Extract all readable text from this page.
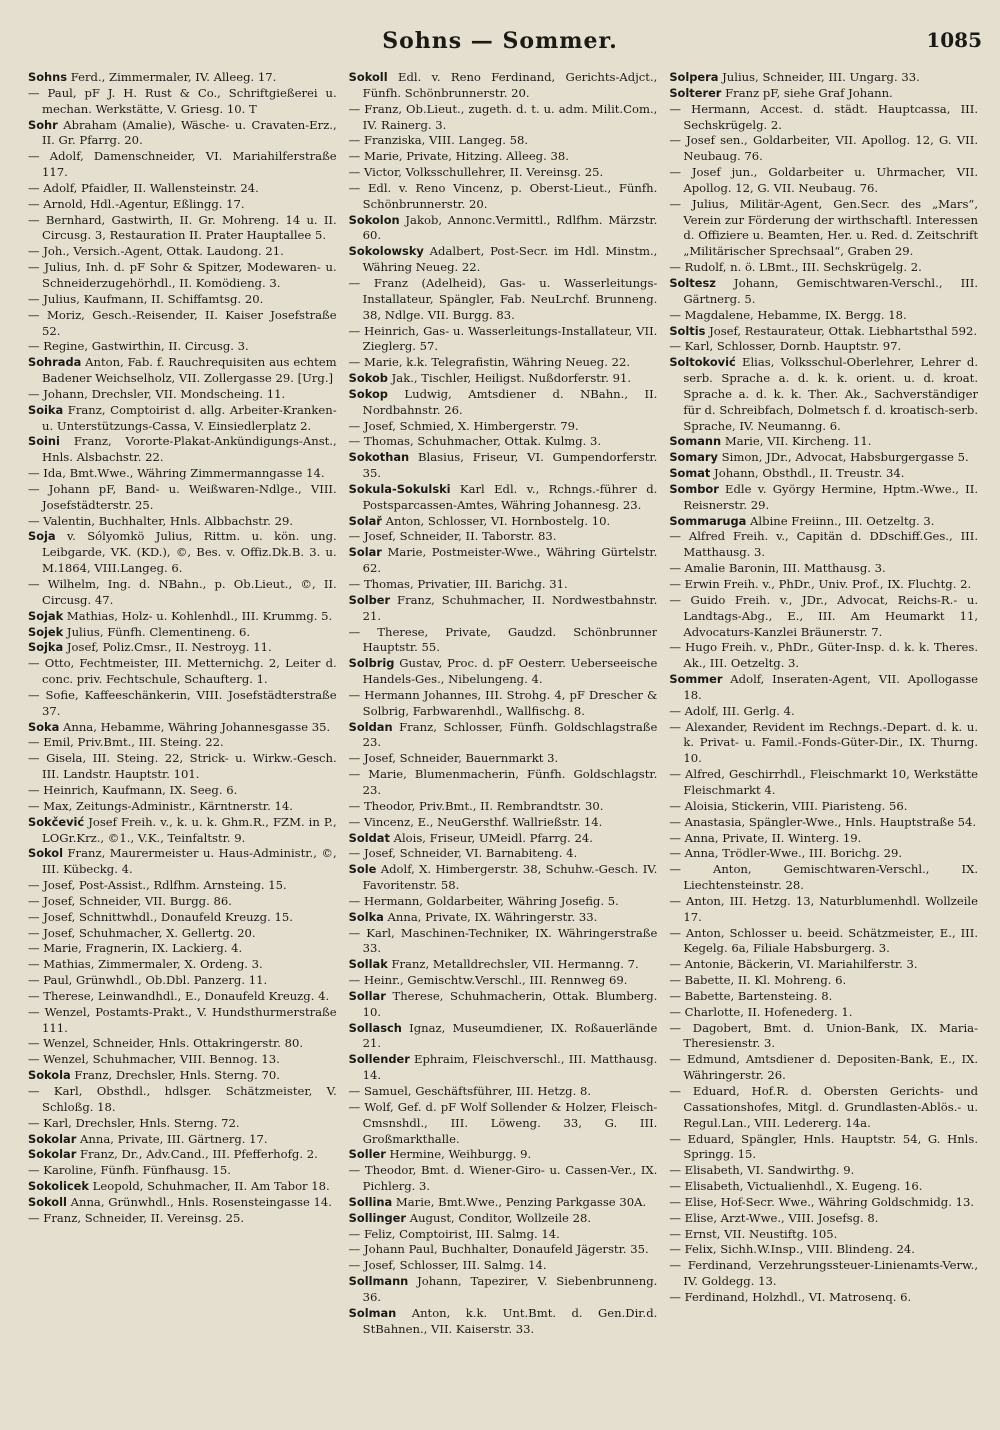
Sohns — Sommer.	1085

Sohns Ferd., Zimmermaler, IV. Alleeg. 17.

— Paul, pF J. H. Rust & Co., Schriftgießerei u. mechan. Werkstätte, V. Griesg. 10. T

Sohr Abraham (Amalie), Wäsche- u. Cravaten-Erz., II. Gr. Pfarrg. 20.

— Adolf, Damenschneider, VI. Mariahilferstraße 117.

— Adolf, Pfaidler, II. Wallensteinstr. 24.

— Arnold, Hdl.-Agentur, Eßlingg. 17.

— Bernhard, Gastwirth, II. Gr. Mohreng. 14 u. II. Circusg. 3, Restauration II. Prater Hauptallee 5.

— Joh., Versich.-Agent, Ottak. Laudong. 21.

— Julius, Inh. d. pF Sohr & Spitzer, Modewaren- u. Schneiderzugehörhdl., II. Komödieng. 3.

— Julius, Kaufmann, II. Schiffamtsg. 20.

— Moriz, Gesch.-Reisender, II. Kaiser Josefstraße 52.

— Regine, Gastwirthin, II. Circusg. 3.

Sohrada Anton, Fab. f. Rauchrequisiten aus echtem Badener Weichselholz, VII. Zollergasse 29. [Urg.]

— Johann, Drechsler, VII. Mondscheing. 11.

Soika Franz, Comptoirist d. allg. Arbeiter-Kranken- u. Unterstützungs-Cassa, V. Einsiedlerplatz 2.

Soini Franz, Vororte-Plakat-Ankündigungs-Anst., Hnls. Alsbachstr. 22.

— Ida, Bmt.Wwe., Währing Zimmermanngasse 14.

— Johann pF, Band- u. Weißwaren-Ndlge., VIII. Josefstädterstr. 25.

— Valentin, Buchhalter, Hnls. Albbachstr. 29.

Soja v. Sólyomkö Julius, Rittm. u. kön. ung. Leibgarde, VK. (KD.), ©, Bes. v. Offiz.Dk.B. 3. u. M.1864, VIII.Langeg. 6.

— Wilhelm, Ing. d. NBahn., p. Ob.Lieut., ©, II. Circusg. 47.

Sojak Mathias, Holz- u. Kohlenhdl., III. Krummg. 5.

Sojek Julius, Fünfh. Clementineng. 6.

Sojka Josef, Poliz.Cmsr., II. Nestroyg. 11.

— Otto, Fechtmeister, III. Metternichg. 2, Leiter d. conc. priv. Fechtschule, Schaufterg. 1.

— Sofie, Kaffeeschänkerin, VIII. Josefstädterstraße 37.

Soka Anna, Hebamme, Währing Johannesgasse 35.

— Emil, Priv.Bmt., III. Steing. 22.

— Gisela, III. Steing. 22, Strick- u. Wirkw.-Gesch. III. Landstr. Hauptstr. 101.

— Heinrich, Kaufmann, IX. Seeg. 6.

— Max, Zeitungs-Administr., Kärntnerstr. 14.

Sokčević Josef Freih. v., k. u. k. Ghm.R., FZM. in P., LOGr.Krz., ©1., V.K., Teinfaltstr. 9.

Sokol Franz, Maurermeister u. Haus-Administr., ©, III. Kübeckg. 4.

— Josef, Post-Assist., Rdlfhm. Arnsteing. 15.

— Josef, Schneider, VII. Burgg. 86.

— Josef, Schnittwhdl., Donaufeld Kreuzg. 15.

— Josef, Schuhmacher, X. Gellertg. 20.

— Marie, Fragnerin, IX. Lackierg. 4.

— Mathias, Zimmermaler, X. Ordeng. 3.

— Paul, Grünwhdl., Ob.Dbl. Panzerg. 11.

— Therese, Leinwandhdl., E., Donaufeld Kreuzg. 4.

— Wenzel, Postamts-Prakt., V. Hundsthurmerstraße 111.

— Wenzel, Schneider, Hnls. Ottakringerstr. 80.

— Wenzel, Schuhmacher, VIII. Bennog. 13.

Sokola Franz, Drechsler, Hnls. Sterng. 70.

— Karl, Obsthdl., hdlsger. Schätzmeister, V. Schloßg. 18.

— Karl, Drechsler, Hnls. Sterng. 72.

Sokolar Anna, Private, III. Gärtnerg. 17.

Sokolar Franz, Dr., Adv.Cand., III. Pfefferhofg. 2.

— Karoline, Fünfh. Fünfhausg. 15.

Sokolicek Leopold, Schuhmacher, II. Am Tabor 18.

Sokoll Anna, Grünwhdl., Hnls. Rosensteingasse 14.

— Franz, Schneider, II. Vereinsg. 25.

Sokoll Edl. v. Reno Ferdinand, Gerichts-Adjct., Fünfh. Schönbrunnerstr. 20.

— Franz, Ob.Lieut., zugeth. d. t. u. adm. Milit.Com., IV. Rainerg. 3.

— Franziska, VIII. Langeg. 58.

— Marie, Private, Hitzing. Alleeg. 38.

— Victor, Volksschullehrer, II. Vereinsg. 25.

— Edl. v. Reno Vincenz, p. Oberst-Lieut., Fünfh. Schönbrunnerstr. 20.

Sokolon Jakob, Annonc.Vermittl., Rdlfhm. Märzstr. 60.

Sokolowsky Adalbert, Post-Secr. im Hdl. Minstm., Währing Neueg. 22.

— Franz (Adelheid), Gas- u. Wasserleitungs-Installateur, Spängler, Fab. NeuLrchf. Brunneng. 38, Ndlge. VII. Burgg. 83.

— Heinrich, Gas- u. Wasserleitungs-Installateur, VII. Zieglerg. 57.

— Marie, k.k. Telegrafistin, Währing Neueg. 22.

Sokob Jak., Tischler, Heiligst. Nußdorferstr. 91.

Sokop Ludwig, Amtsdiener d. NBahn., II. Nordbahnstr. 26.

— Josef, Schmied, X. Himbergerstr. 79.

— Thomas, Schuhmacher, Ottak. Kulmg. 3.

Sokothan Blasius, Friseur, VI. Gumpendorferstr. 35.

Sokula-Sokulski Karl Edl. v., Rchngs.-führer d. Postsparcassen-Amtes, Währing Johannesg. 23.

Solař Anton, Schlosser, VI. Hornbostelg. 10.

— Josef, Schneider, II. Taborstr. 83.

Solar Marie, Postmeister-Wwe., Währing Gürtelstr. 62.

— Thomas, Privatier, III. Barichg. 31.

Solber Franz, Schuhmacher, II. Nordwestbahnstr. 21.

— Therese, Private, Gaudzd. Schönbrunner Hauptstr. 55.

Solbrig Gustav, Proc. d. pF Oesterr. Ueberseeische Handels-Ges., Nibelungeng. 4.

— Hermann Johannes, III. Strohg. 4, pF Drescher & Solbrig, Farbwarenhdl., Wallfischg. 8.

Soldan Franz, Schlosser, Fünfh. Goldschlagstraße 23.

— Josef, Schneider, Bauernmarkt 3.

— Marie, Blumenmacherin, Fünfh. Goldschlagstr. 23.

— Theodor, Priv.Bmt., II. Rembrandtstr. 30.

— Vincenz, E., NeuGersthf. Wallrießstr. 14.

Soldat Alois, Friseur, UMeidl. Pfarrg. 24.

— Josef, Schneider, VI. Barnabiteng. 4.

Sole Adolf, X. Himbergerstr. 38, Schuhw.-Gesch. IV. Favoritenstr. 58.

— Hermann, Goldarbeiter, Währing Josefig. 5.

Solka Anna, Private, IX. Währingerstr. 33.

— Karl, Maschinen-Techniker, IX. Währingerstraße 33.

Sollak Franz, Metalldrechsler, VII. Hermanng. 7.

— Heinr., Gemischtw.Verschl., III. Rennweg 69.

Sollar Therese, Schuhmacherin, Ottak. Blumberg. 10.

Sollasch Ignaz, Museumdiener, IX. Roßauerlände 21.

Sollender Ephraim, Fleischverschl., III. Matthausg. 14.

— Samuel, Geschäftsführer, III. Hetzg. 8.

— Wolf, Gef. d. pF Wolf Sollender & Holzer, Fleisch-Cmsnshdl., III. Löweng. 33, G. III. Großmarkthalle.

Soller Hermine, Weihburgg. 9.

— Theodor, Bmt. d. Wiener-Giro- u. Cassen-Ver., IX. Pichlerg. 3.

Sollina Marie, Bmt.Wwe., Penzing Parkgasse 30A.

Sollinger August, Conditor, Wollzeile 28.

— Feliz, Comptoirist, III. Salmg. 14.

— Johann Paul, Buchhalter, Donaufeld Jägerstr. 35.

— Josef, Schlosser, III. Salmg. 14.

Sollmann Johann, Tapezirer, V. Siebenbrunneng. 36.

Solman Anton, k.k. Unt.Bmt. d. Gen.Dir.d. StBahnen., VII. Kaiserstr. 33.

Solpera Julius, Schneider, III. Ungarg. 33.

Solterer Franz pF, siehe Graf Johann.

— Hermann, Accest. d. städt. Hauptcassa, III. Sechskrügelg. 2.

— Josef sen., Goldarbeiter, VII. Apollog. 12, G. VII. Neubaug. 76.

— Josef jun., Goldarbeiter u. Uhrmacher, VII. Apollog. 12, G. VII. Neubaug. 76.

— Julius, Militär-Agent, Gen.Secr. des „Mars“, Verein zur Förderung der wirthschaftl. Interessen d. Offiziere u. Beamten, Her. u. Red. d. Zeitschrift „Militärischer Sprechsaal“, Graben 29.

— Rudolf, n. ö. LBmt., III. Sechskrügelg. 2.

Soltesz Johann, Gemischtwaren-Verschl., III. Gärtnerg. 5.

— Magdalene, Hebamme, IX. Bergg. 18.

Soltis Josef, Restaurateur, Ottak. Liebhartsthal 592.

— Karl, Schlosser, Dornb. Hauptstr. 97.

Soltoković Elias, Volksschul-Oberlehrer, Lehrer d. serb. Sprache a. d. k. k. orient. u. d. kroat. Sprache a. d. k. k. Ther. Ak., Sachverständiger für d. Schreibfach, Dolmetsch f. d. kroatisch-serb. Sprache, IV. Neumanng. 6.

Somann Marie, VII. Kircheng. 11.

Somary Simon, JDr., Advocat, Habsburgergasse 5.

Somat Johann, Obsthdl., II. Treustr. 34.

Sombor Edle v. György Hermine, Hptm.-Wwe., II. Reisnerstr. 29.

Sommaruga Albine Freiinn., III. Oetzeltg. 3.

— Alfred Freih. v., Capitän d. DDschiff.Ges., III. Matthausg. 3.

— Amalie Baronin, III. Matthausg. 3.

— Erwin Freih. v., PhDr., Univ. Prof., IX. Fluchtg. 2.

— Guido Freih. v., JDr., Advocat, Reichs-R.- u. Landtags-Abg., E., III. Am Heumarkt 11, Advocaturs-Kanzlei Bräunerstr. 7.

— Hugo Freih. v., PhDr., Güter-Insp. d. k. k. Theres. Ak., III. Oetzeltg. 3.

Sommer Adolf, Inseraten-Agent, VII. Apollogasse 18.

— Adolf, III. Gerlg. 4.

— Alexander, Revident im Rechngs.-Depart. d. k. u. k. Privat- u. Famil.-Fonds-Güter-Dir., IX. Thurng. 10.

— Alfred, Geschirrhdl., Fleischmarkt 10, Werkstätte Fleischmarkt 4.

— Aloisia, Stickerin, VIII. Piaristeng. 56.

— Anastasia, Spängler-Wwe., Hnls. Hauptstraße 54.

— Anna, Private, II. Winterg. 19.

— Anna, Trödler-Wwe., III. Borichg. 29.

— Anton, Gemischtwaren-Verschl., IX. Liechtensteinstr. 28.

— Anton, III. Hetzg. 13, Naturblumenhdl. Wollzeile 17.

— Anton, Schlosser u. beeid. Schätzmeister, E., III. Kegelg. 6a, Filiale Habsburgerg. 3.

— Antonie, Bäckerin, VI. Mariahilferstr. 3.

— Babette, II. Kl. Mohreng. 6.

— Babette, Bartensteing. 8.

— Charlotte, II. Hofenederg. 1.

— Dagobert, Bmt. d. Union-Bank, IX. Maria-Theresienstr. 3.

— Edmund, Amtsdiener d. Depositen-Bank, E., IX. Währingerstr. 26.

— Eduard, Hof.R. d. Obersten Gerichts- und Cassationshofes, Mitgl. d. Grundlasten-Ablös.- u. Regul.Lan., VIII. Ledererg. 14a.

— Eduard, Spängler, Hnls. Hauptstr. 54, G. Hnls. Springg. 15.

— Elisabeth, VI. Sandwirthg. 9.

— Elisabeth, Victualienhdl., X. Eugeng. 16.

— Elise, Hof-Secr. Wwe., Währing Goldschmidg. 13.

— Elise, Arzt-Wwe., VIII. Josefsg. 8.

— Ernst, VII. Neustiftg. 105.

— Felix, Sichh.W.Insp., VIII. Blindeng. 24.

— Ferdinand, Verzehrungssteuer-Linienamts-Verw., IV. Goldegg. 13.

— Ferdinand, Holzhdl., VI. Matrosenq. 6.
